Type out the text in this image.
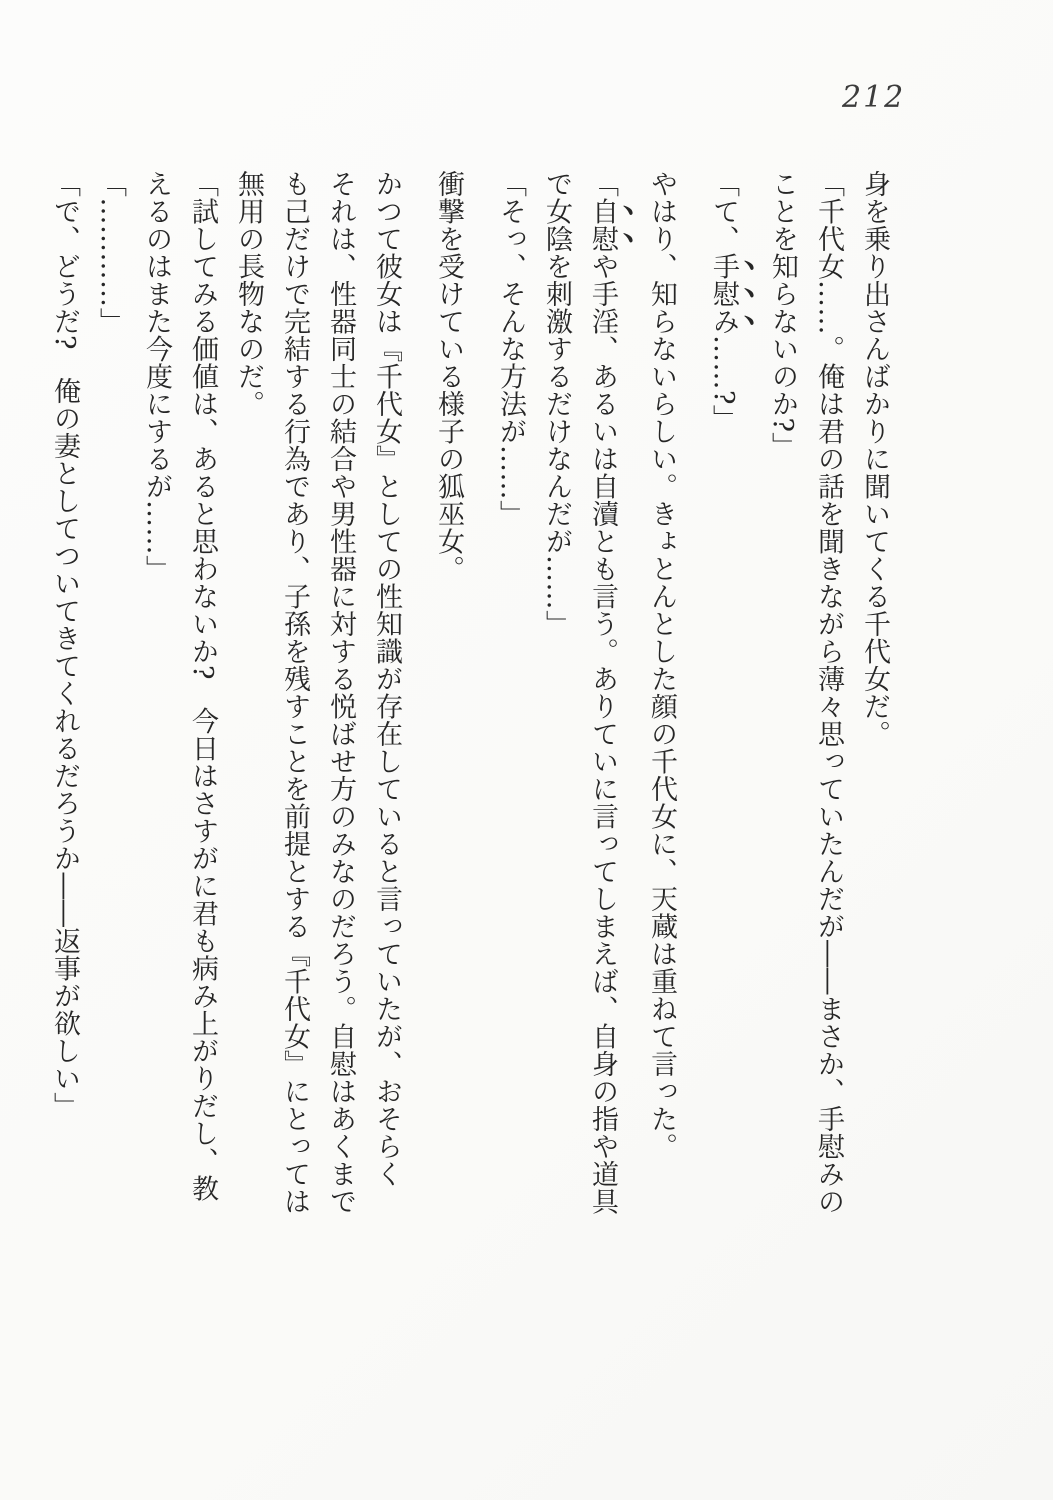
212
身を乗り出さんばかりに聞いてくる千代女だ。
「千代女……。俺は君の話を聞きながら薄々思っていたんだが――まさか、手慰みの
ことを知らないのか?」
「て、手慰み……?」
やはり、知らないらしい。きょとんとした顔の千代女に、天蔵は重ねて言った。
「自慰や手淫、あるいは自瀆とも言う。ありていに言ってしまえば、自身の指や道具
で女陰を刺激するだけなんだが……」
「そっ、そんな方法が……」
衝撃を受けている様子の狐巫女。
かつて彼女は『千代女』としての性知識が存在していると言っていたが、おそらく
それは、性器同士の結合や男性器に対する悦ばせ方のみなのだろう。自慰はあくまで
も己だけで完結する行為であり、子孫を残すことを前提とする『千代女』にとっては
無用の長物なのだ。
「試してみる価値は、あると思わないか?　今日はさすがに君も病み上がりだし、教
えるのはまた今度にするが……」
「…………」
「で、どうだ?　俺の妻としてついてきてくれるだろうか――返事が欲しい」
